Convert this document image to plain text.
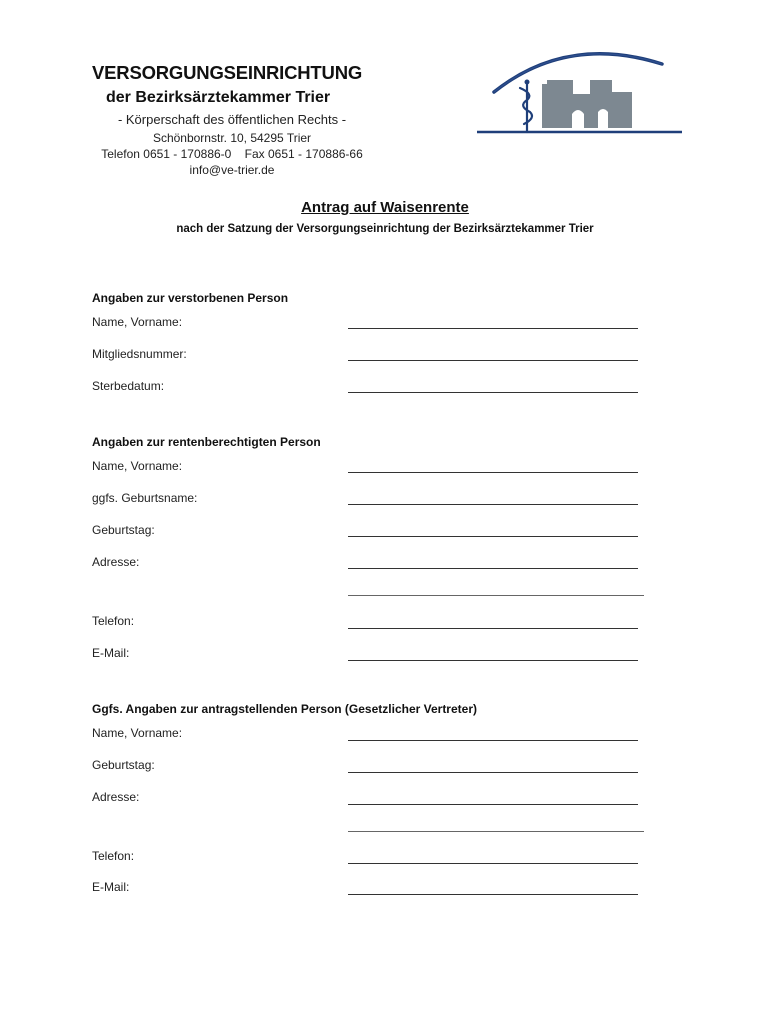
VERSORGUNGSEINRICHTUNG
der Bezirksärztekammer Trier
- Körperschaft des öffentlichen Rechts -
Schönbornstr. 10, 54295 Trier
Telefon 0651 - 170886-0    Fax 0651 - 170886-66
info@ve-trier.de
Antrag auf Waisenrente
nach der Satzung der Versorgungseinrichtung der Bezirksärztekammer Trier
Angaben zur verstorbenen Person
Name, Vorname:
Mitgliedsnummer:
Sterbedatum:
Angaben zur rentenberechtigten Person
Name, Vorname:
ggfs. Geburtsname:
Geburtstag:
Adresse:
Telefon:
E-Mail:
Ggfs. Angaben zur antragstellenden Person (Gesetzlicher Vertreter)
Name, Vorname:
Geburtstag:
Adresse:
Telefon:
E-Mail:
